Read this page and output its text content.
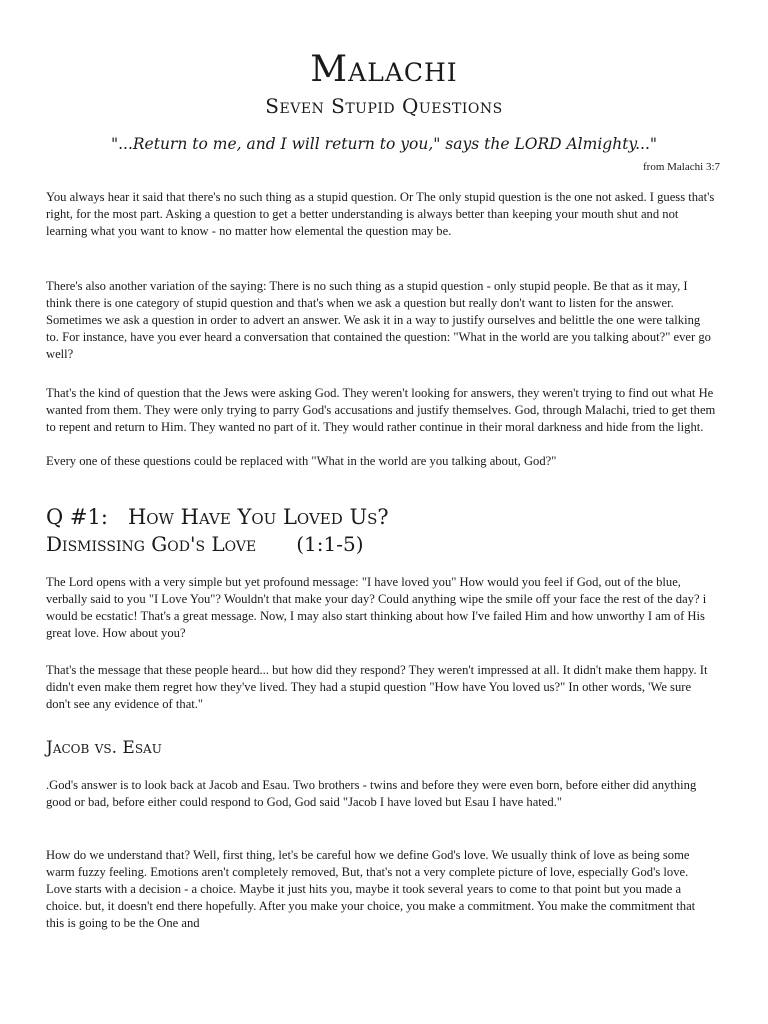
Malachi
Seven Stupid Questions
"...Return to me, and I will return to you," says the LORD Almighty..."
from Malachi 3:7

You always hear it said that there's no such thing as a stupid question. Or The only stupid question is the one not asked. I guess that's right, for the most part. Asking a question to get a better understanding is always better than keeping your mouth shut and not learning what you want to know - no matter how elemental the question may be.

There's also another variation of the saying: There is no such thing as a stupid question - only stupid people. Be that as it may, I think there is one category of stupid question and that's when we ask a question but really don't want to listen for the answer. Sometimes we ask a question in order to advert an answer. We ask it in a way to justify ourselves and belittle the one were talking to. For instance, have you ever heard a conversation that contained the question: "What in the world are you talking about?" ever go well?

That's the kind of question that the Jews were asking God. They weren't looking for answers, they weren't trying to find out what He wanted from them. They were only trying to parry God's accusations and justify themselves. God, through Malachi, tried to get them to repent and return to Him. They wanted no part of it. They would rather continue in their moral darkness and hide from the light.

Every one of these questions could be replaced with "What in the world are you talking about, God?"

Q #1:   How Have You Loved Us?
Dismissing God's Love (1:1-5)

The Lord opens with a very simple but yet profound message: "I have loved you" How would you feel if God, out of the blue, verbally said to you "I Love You"? Wouldn't that make your day? Could anything wipe the smile off your face the rest of the day? i would be ecstatic! That's a great message. Now, I may also start thinking about how I've failed Him and how unworthy I am of His great love. How about you?

That's the message that these people heard... but how did they respond? They weren't impressed at all. It didn't make them happy. It didn't even make them regret how they've lived. They had a stupid question "How have You loved us?" In other words, 'We sure don't see any evidence of that."

Jacob vs. Esau

.God's answer is to look back at Jacob and Esau. Two brothers - twins and before they were even born, before either did anything good or bad, before either could respond to God, God said "Jacob I have loved but Esau I have hated."

How do we understand that? Well, first thing, let's be careful how we define God's love. We usually think of love as being some warm fuzzy feeling. Emotions aren't completely removed, But, that's not a very complete picture of love, especially God's love. Love starts with a decision - a choice. Maybe it just hits you, maybe it took several years to come to that point but you made a choice. but, it doesn't end there hopefully. After you make your choice, you make a commitment. You make the commitment that this is going to be the One and
